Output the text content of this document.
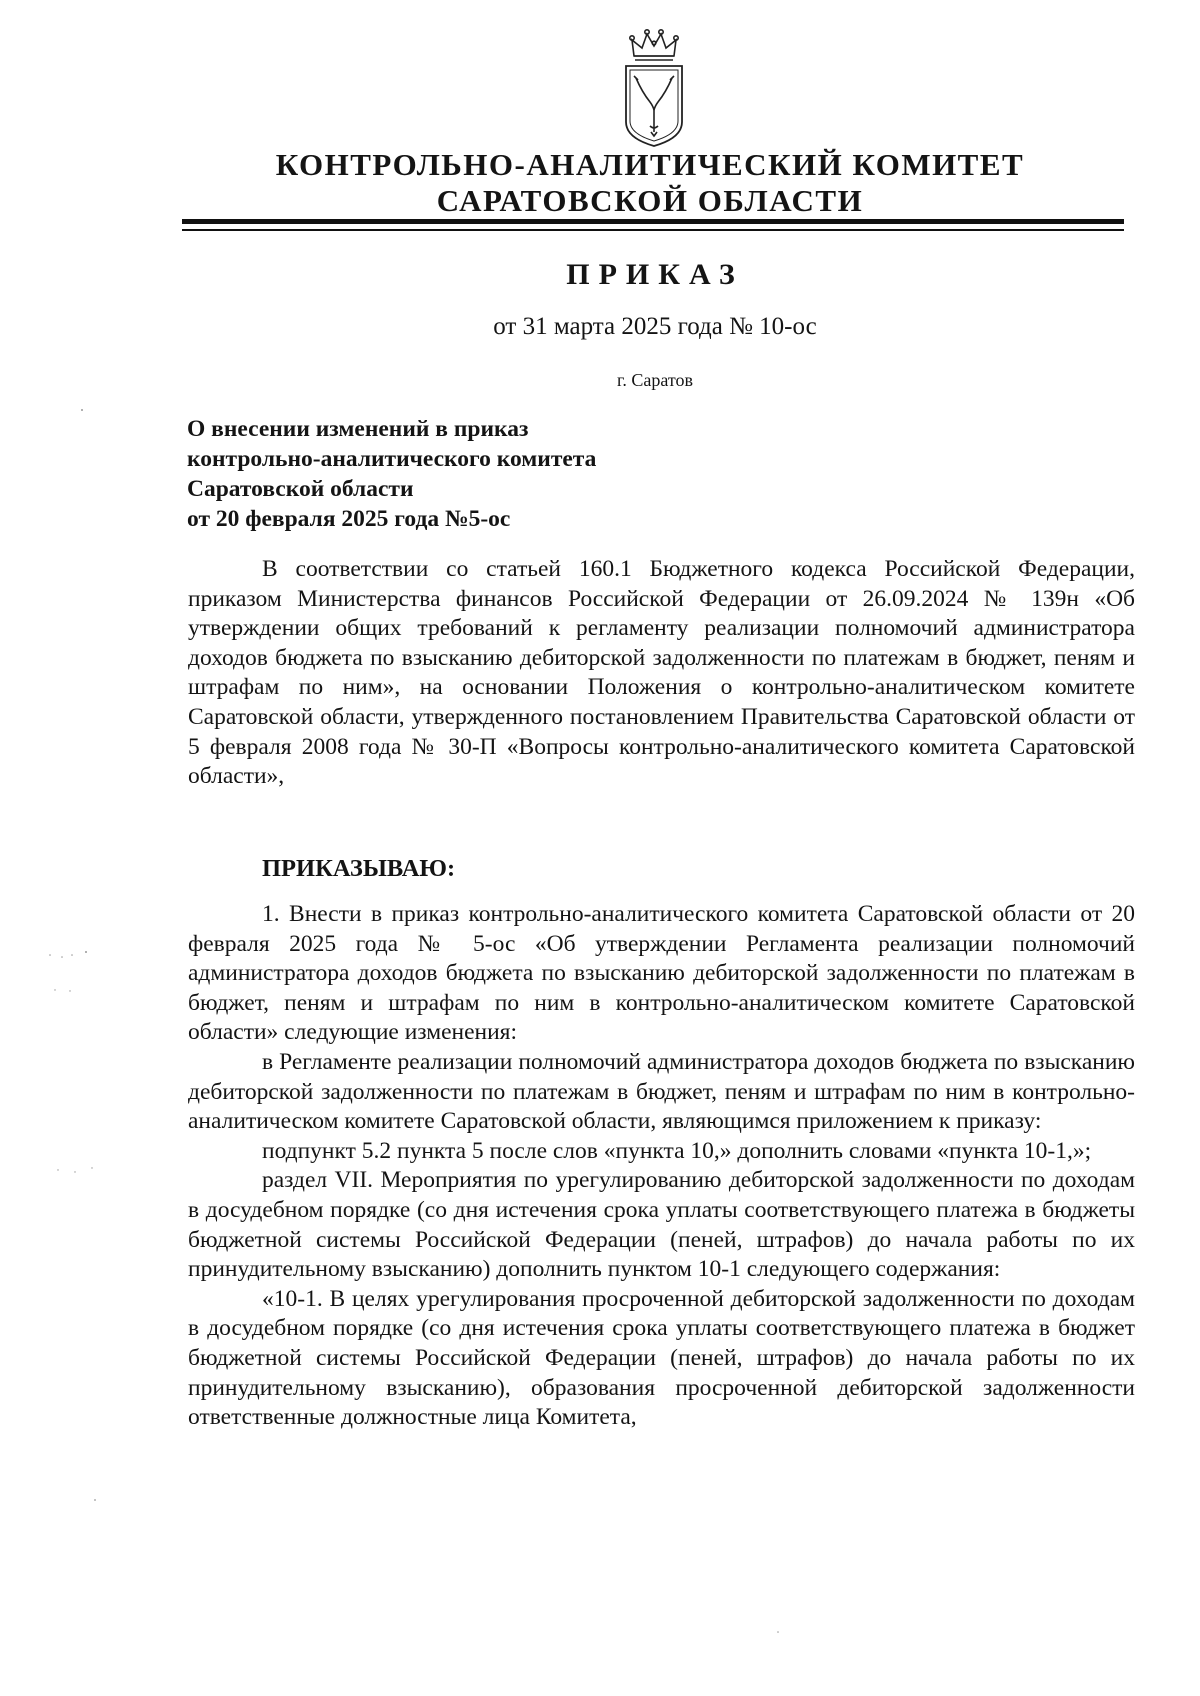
КОНТРОЛЬНО-АНАЛИТИЧЕСКИЙ КОМИТЕТ
САРАТОВСКОЙ ОБЛАСТИ
ПРИКАЗ
от 31 марта 2025 года № 10-ос
г. Саратов
О внесении изменений в приказ
контрольно-аналитического комитета
Саратовской области
от 20 февраля 2025 года №5-ос

В соответствии со статьей 160.1 Бюджетного кодекса Российской Федерации, приказом Министерства финансов Российской Федерации от 26.09.2024 № 139н «Об утверждении общих требований к регламенту реализации полномочий администратора доходов бюджета по взысканию дебиторской задолженности по платежам в бюджет, пеням и штрафам по ним», на основании Положения о контрольно-аналитическом комитете Саратовской области, утвержденного постановлением Правительства Саратовской области от 5 февраля 2008 года № 30-П «Вопросы контрольно-аналитического комитета Саратовской области»,

ПРИКАЗЫВАЮ:

1. Внести в приказ контрольно-аналитического комитета Саратовской области от 20 февраля 2025 года № 5-ос «Об утверждении Регламента реализации полномочий администратора доходов бюджета по взысканию дебиторской задолженности по платежам в бюджет, пеням и штрафам по ним в контрольно-аналитическом комитете Саратовской области» следующие изменения:

в Регламенте реализации полномочий администратора доходов бюджета по взысканию дебиторской задолженности по платежам в бюджет, пеням и штрафам по ним в контрольно-аналитическом комитете Саратовской области, являющимся приложением к приказу:

подпункт 5.2 пункта 5 после слов «пункта 10,» дополнить словами «пункта 10-1,»;

раздел VII. Мероприятия по урегулированию дебиторской задолженности по доходам в досудебном порядке (со дня истечения срока уплаты соответствующего платежа в бюджеты бюджетной системы Российской Федерации (пеней, штрафов) до начала работы по их принудительному взысканию) дополнить пунктом 10-1 следующего содержания:

«10-1. В целях урегулирования просроченной дебиторской задолженности по доходам в досудебном порядке (со дня истечения срока уплаты соответствующего платежа в бюджет бюджетной системы Российской Федерации (пеней, штрафов) до начала работы по их принудительному взысканию), образования просроченной дебиторской задолженности ответственные должностные лица Комитета,
